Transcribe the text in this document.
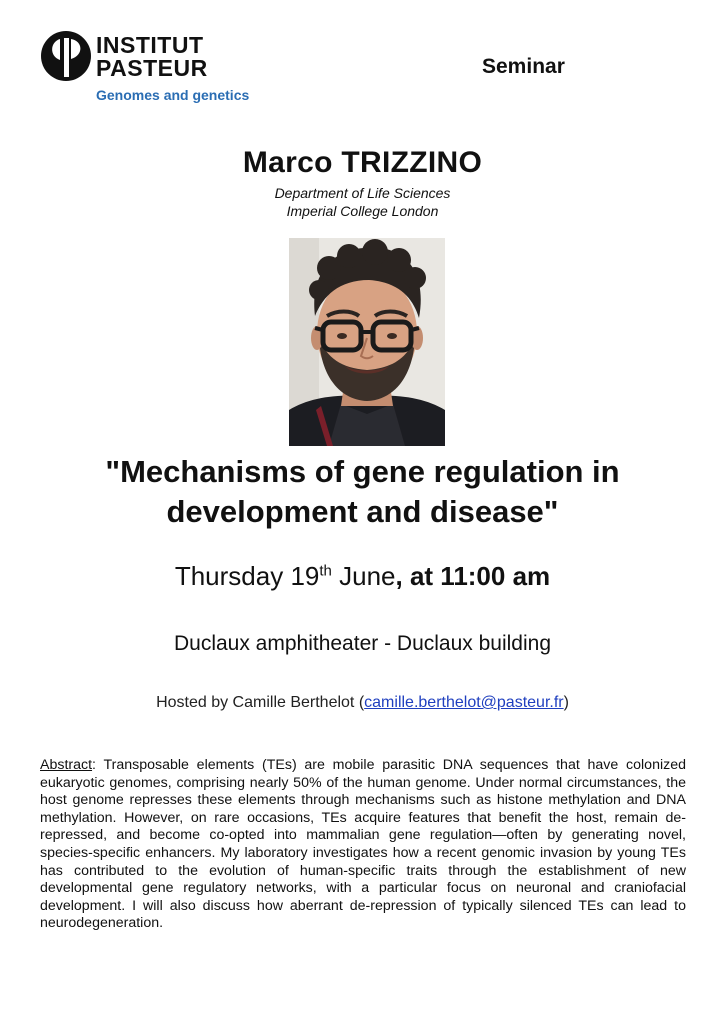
INSTITUT
PASTEUR
Genomes and genetics
Seminar
Marco TRIZZINO
Department of Life Sciences
Imperial College London
"Mechanisms of gene regulation in
development and disease"
Thursday 19th June, at 11:00 am
Duclaux amphitheater - Duclaux building
Hosted by Camille Berthelot (camille.berthelot@pasteur.fr)
Abstract: Transposable elements (TEs) are mobile parasitic DNA sequences that have colonized eukaryotic genomes, comprising nearly 50% of the human genome. Under normal circumstances, the host genome represses these elements through mechanisms such as histone methylation and DNA methylation. However, on rare occasions, TEs acquire features that benefit the host, remain de-repressed, and become co-opted into mammalian gene regulation—often by generating novel, species-specific enhancers. My laboratory investigates how a recent genomic invasion by young TEs has contributed to the evolution of human-specific traits through the establishment of new developmental gene regulatory networks, with a particular focus on neuronal and craniofacial development. I will also discuss how aberrant de-repression of typically silenced TEs can lead to neurodegeneration.
